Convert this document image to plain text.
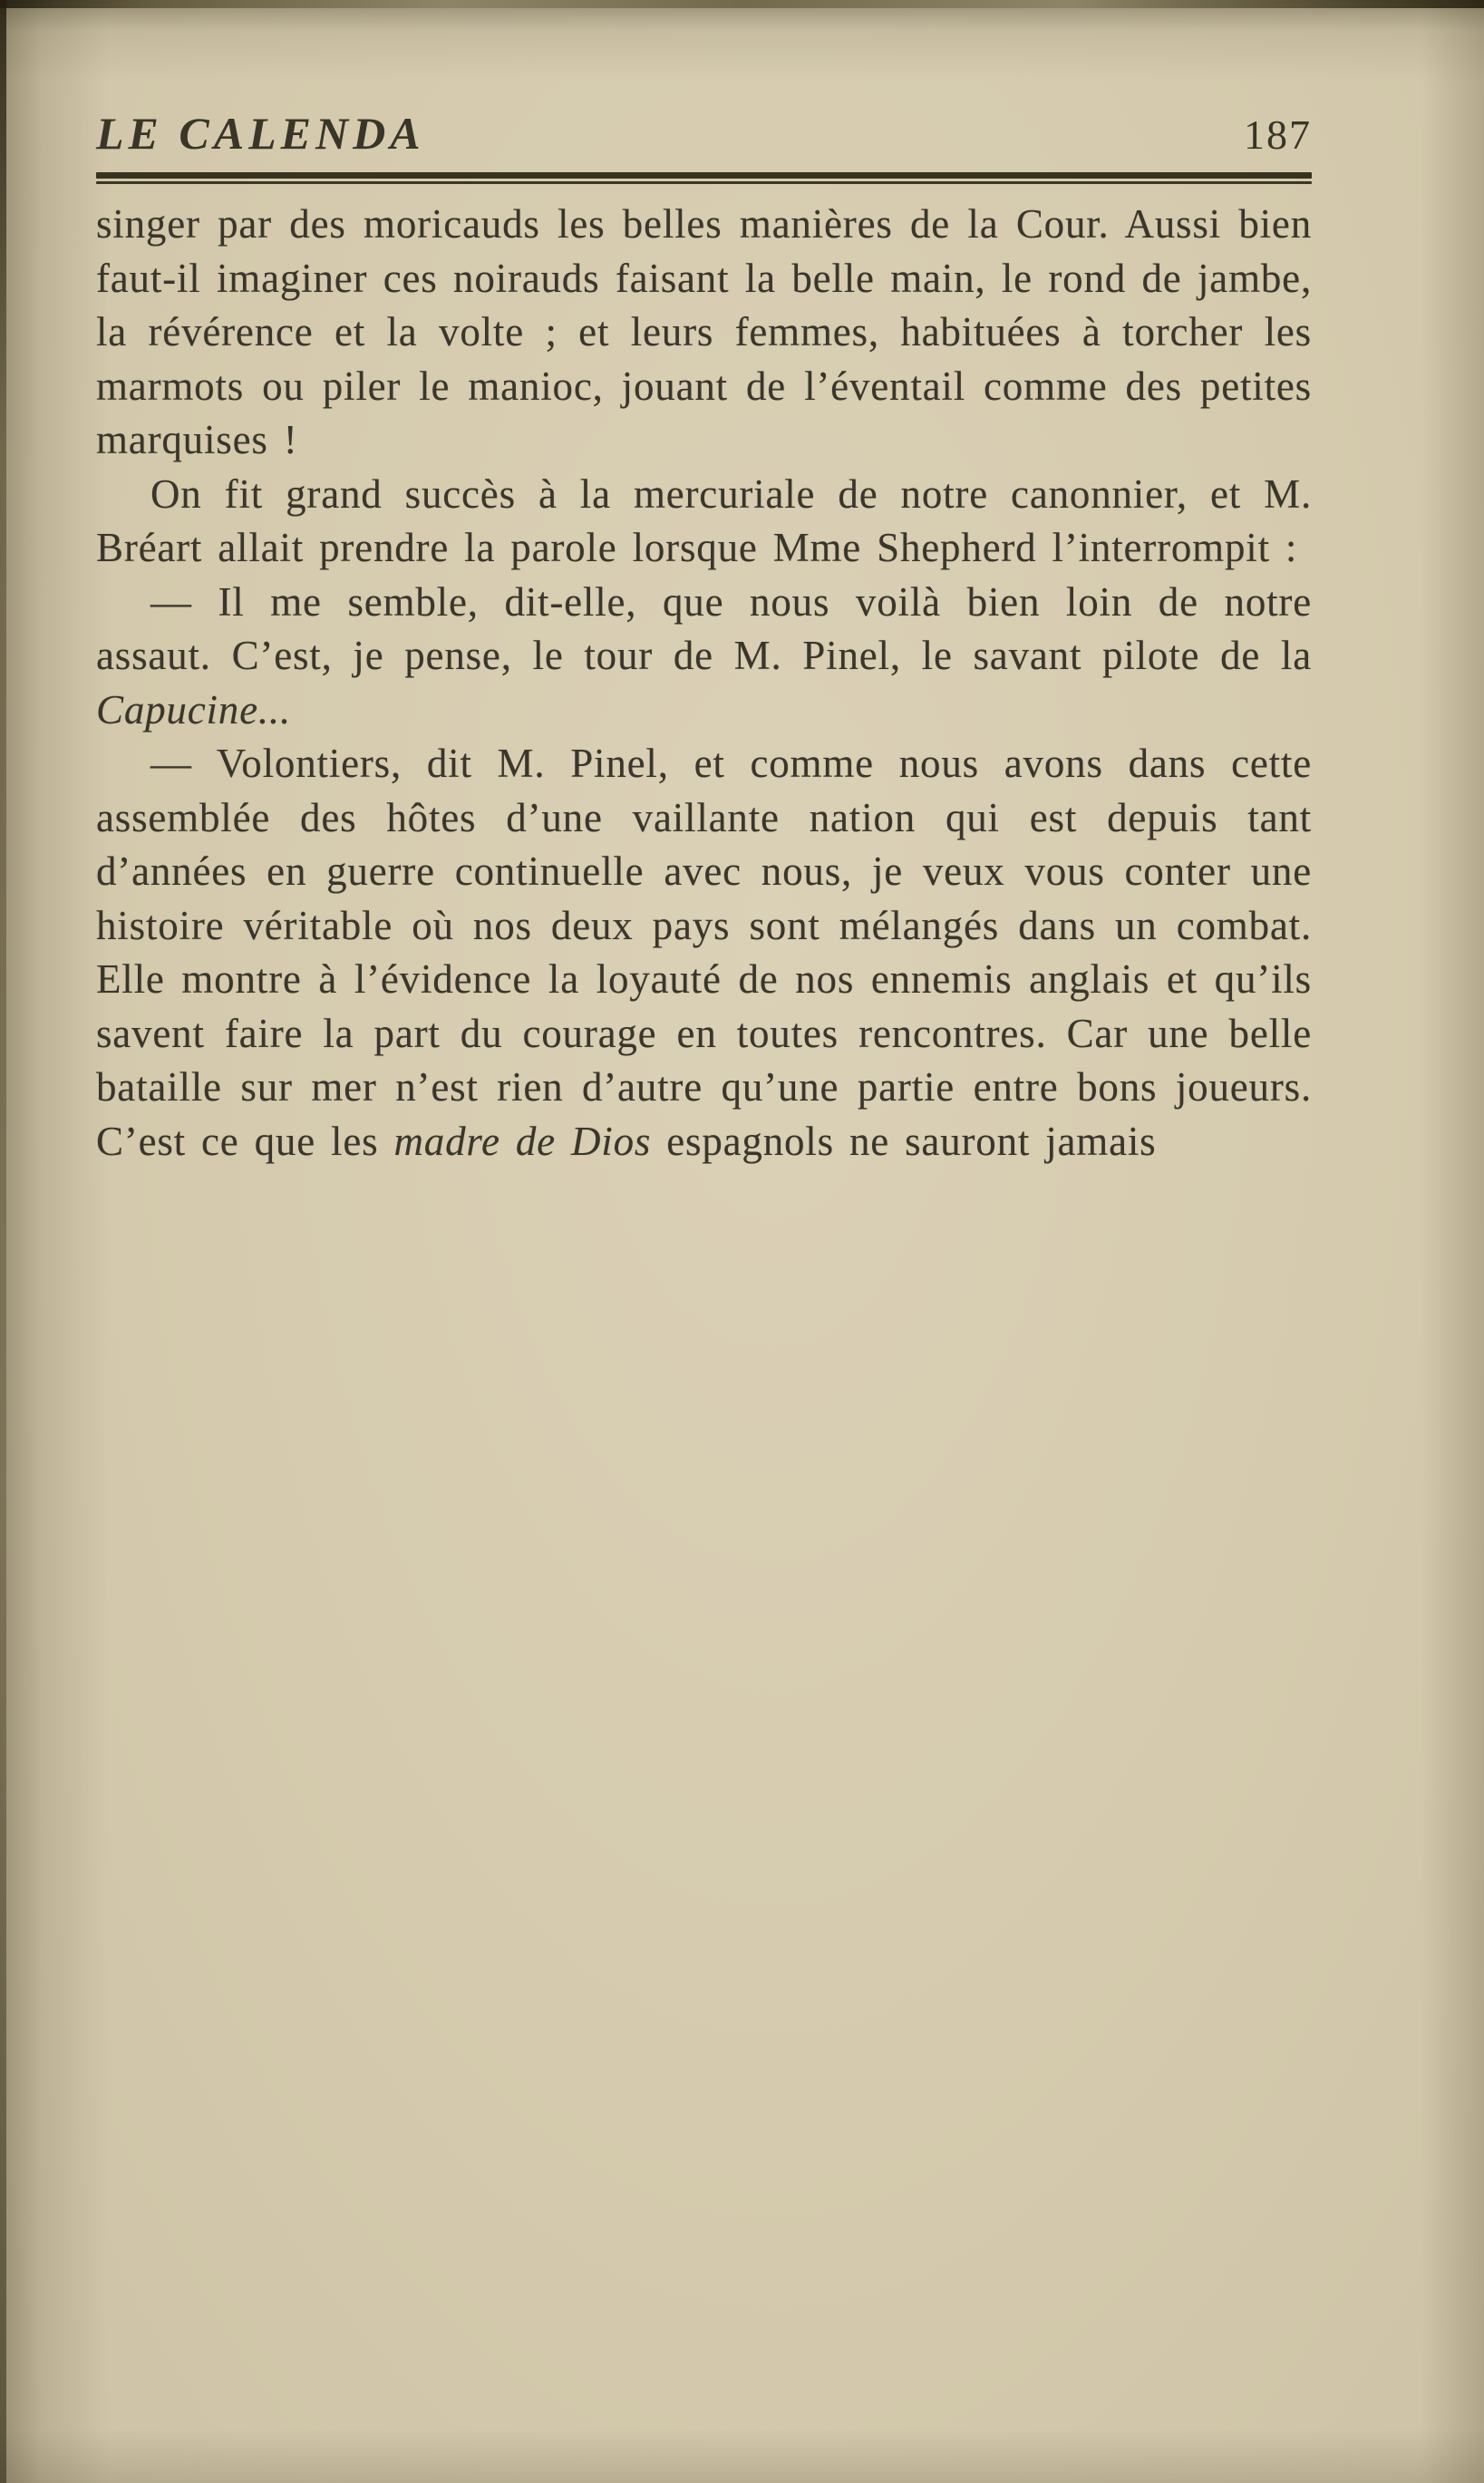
LE CALENDA	187

singer par des moricauds les belles manières de la Cour. Aussi bien faut-il imaginer ces noirauds faisant la belle main, le rond de jambe, la révérence et la volte ; et leurs femmes, habituées à torcher les marmots ou piler le manioc, jouant de l’éventail comme des petites marquises !

On fit grand succès à la mercuriale de notre canonnier, et M. Bréart allait prendre la parole lorsque Mme Shepherd l’interrompit :

— Il me semble, dit-elle, que nous voilà bien loin de notre assaut. C’est, je pense, le tour de M. Pinel, le savant pilote de la Capucine...

— Volontiers, dit M. Pinel, et comme nous avons dans cette assemblée des hôtes d’une vaillante nation qui est depuis tant d’années en guerre continuelle avec nous, je veux vous conter une histoire véritable où nos deux pays sont mélangés dans un combat. Elle montre à l’évidence la loyauté de nos ennemis anglais et qu’ils savent faire la part du courage en toutes rencontres. Car une belle bataille sur mer n’est rien d’autre qu’une partie entre bons joueurs. C’est ce que les madre de Dios espagnols ne sauront jamais
